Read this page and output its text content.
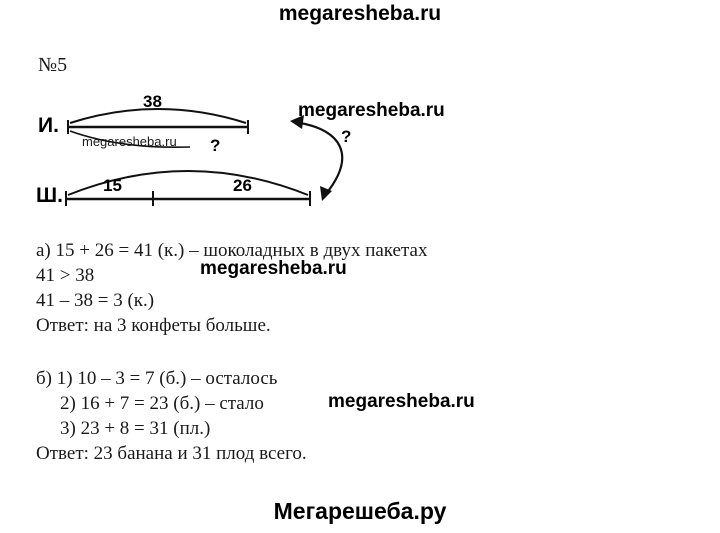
megaresheba.ru
№5
И.
38
?
Ш. 15	26
?
megaresheba.ru
megaresheba.ru
а) 15 + 26 = 41 (к.) – шоколадных в двух пакетах
41 > 38
41 – 38 = 3 (к.)
Ответ: на 3 конфеты больше.
megaresheba.ru
б) 1) 10 – 3 = 7 (б.) – осталось
2) 16 + 7 = 23 (б.) – стало
3) 23 + 8 = 31 (пл.)
Ответ: 23 банана и 31 плод всего.
megaresheba.ru
Мегарешеба.ру
